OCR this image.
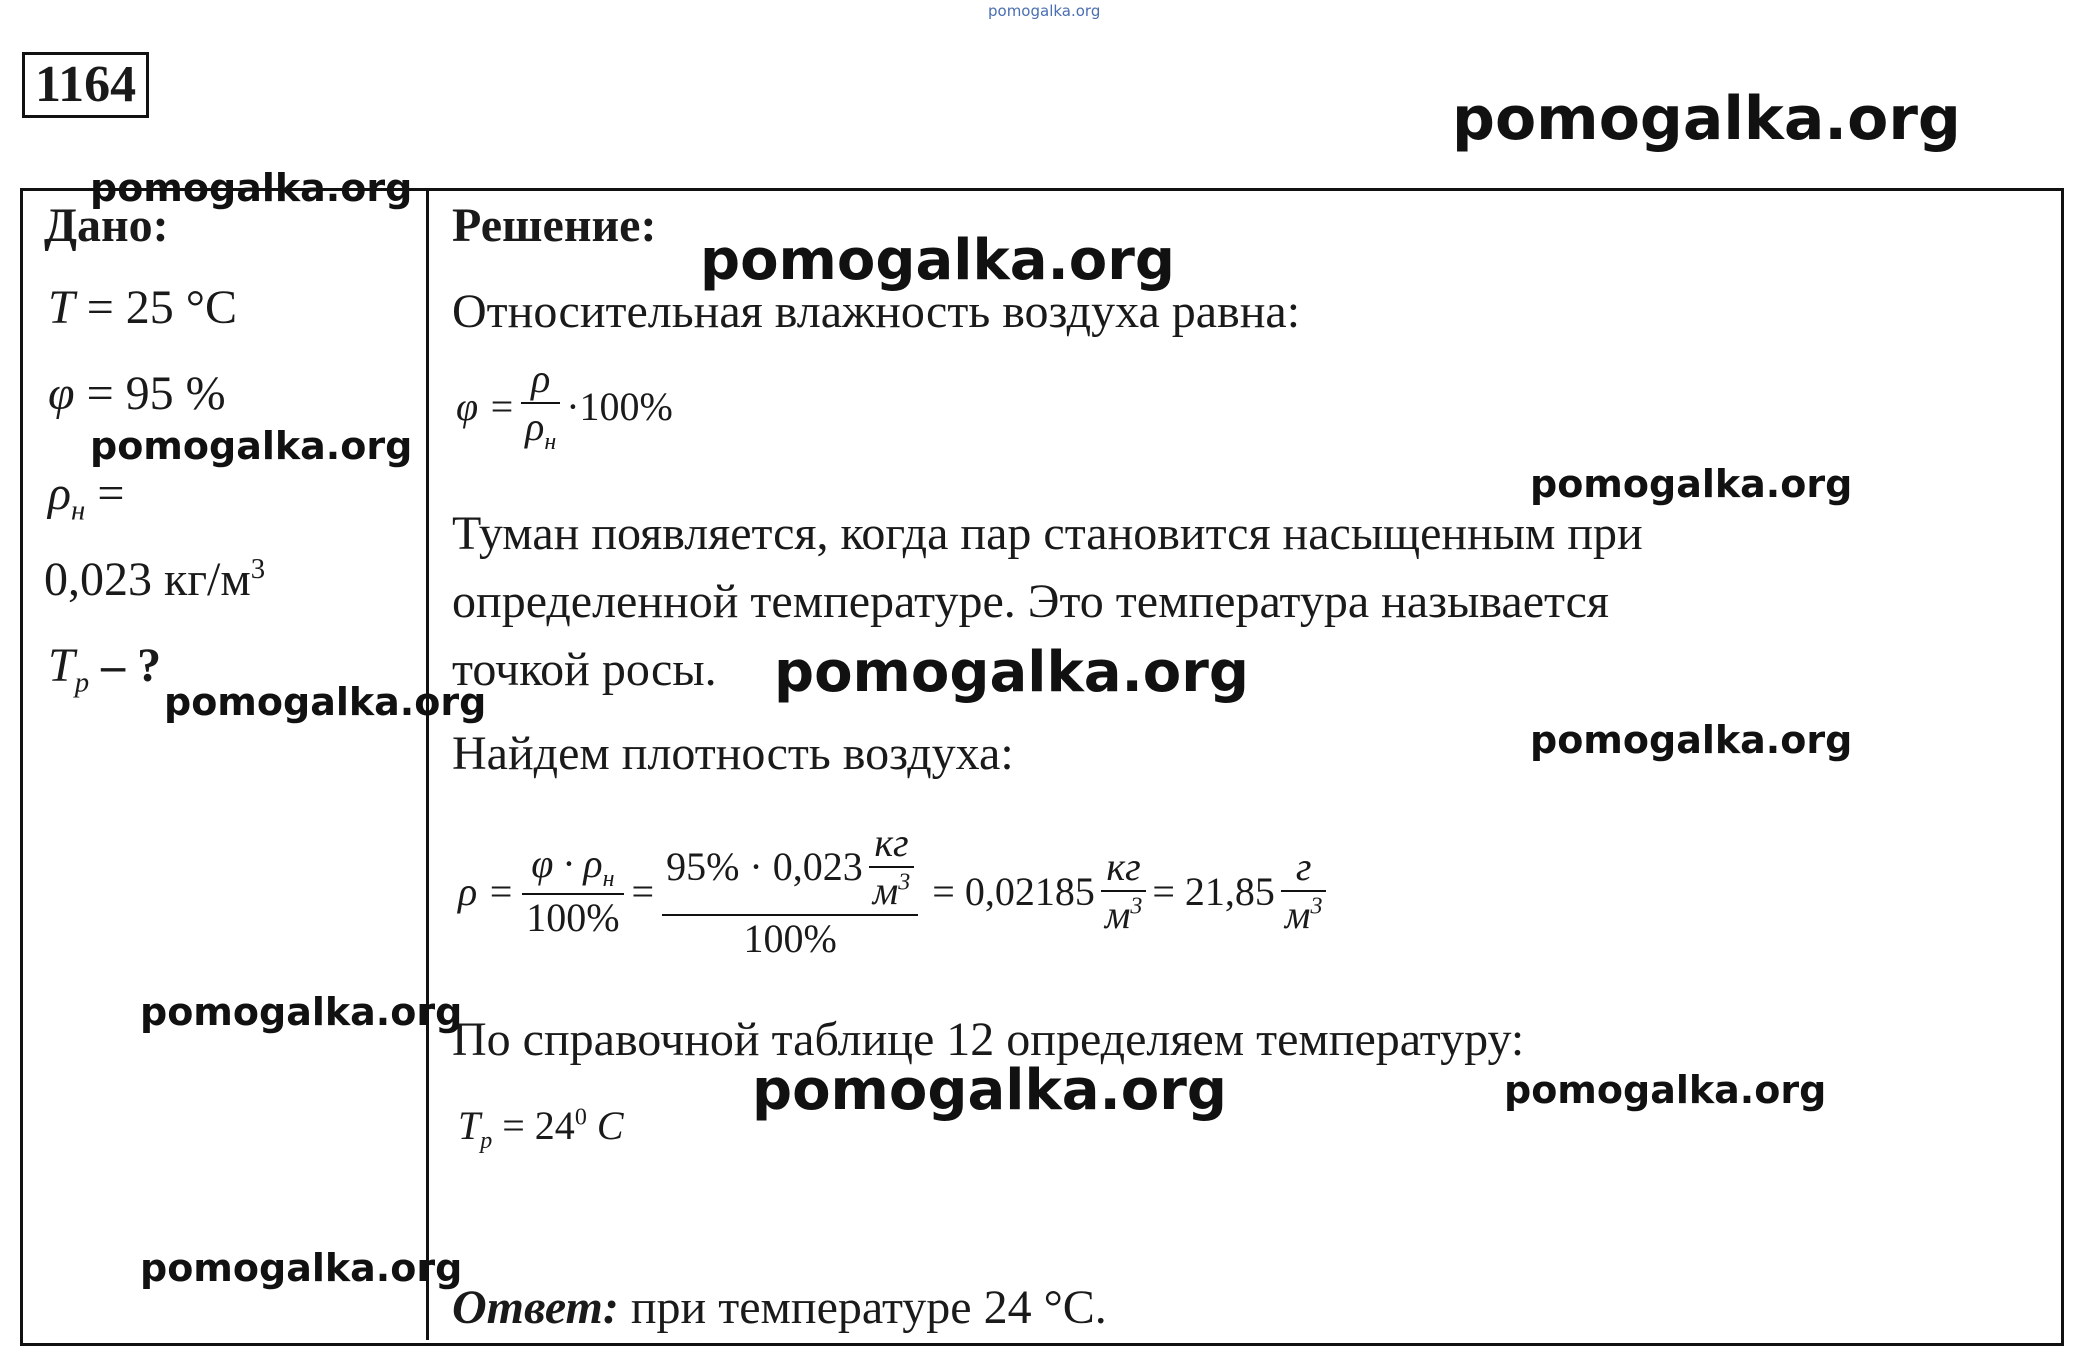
pomogalka.org
1164
Дано:
T = 25 °С
φ = 95 %
$\rho_н$ =
0,023 $кг/м^3$
$T_р$ – ?
Решение:
Относительная влажность воздуха равна:
$\varphi = \frac{\rho}{\rho_н} \cdot 100\%$
Туман появляется, когда пар становится насыщенным при
определенной температуре. Это температура называется
точкой росы.
Найдем плотность воздуха:
$\rho = \frac{\varphi \cdot \rho_н}{100\%} = \frac{95\% \cdot 0,023 \frac{кг}{м^3}}{100\%} = 0,02185 \frac{кг}{м^3} = 21,85 \frac{г}{м^3}$
По справочной таблице 12 определяем температуру:
$T_р = 24^0$ C
Ответ: при температуре 24 °С.
pomogalka.org
pomogalka.org
pomogalka.org
pomogalka.org
pomogalka.org
pomogalka.org	pomogalka.org
pomogalka.org
pomogalka.org
pomogalka.org	pomogalka.org
pomogalka.org
